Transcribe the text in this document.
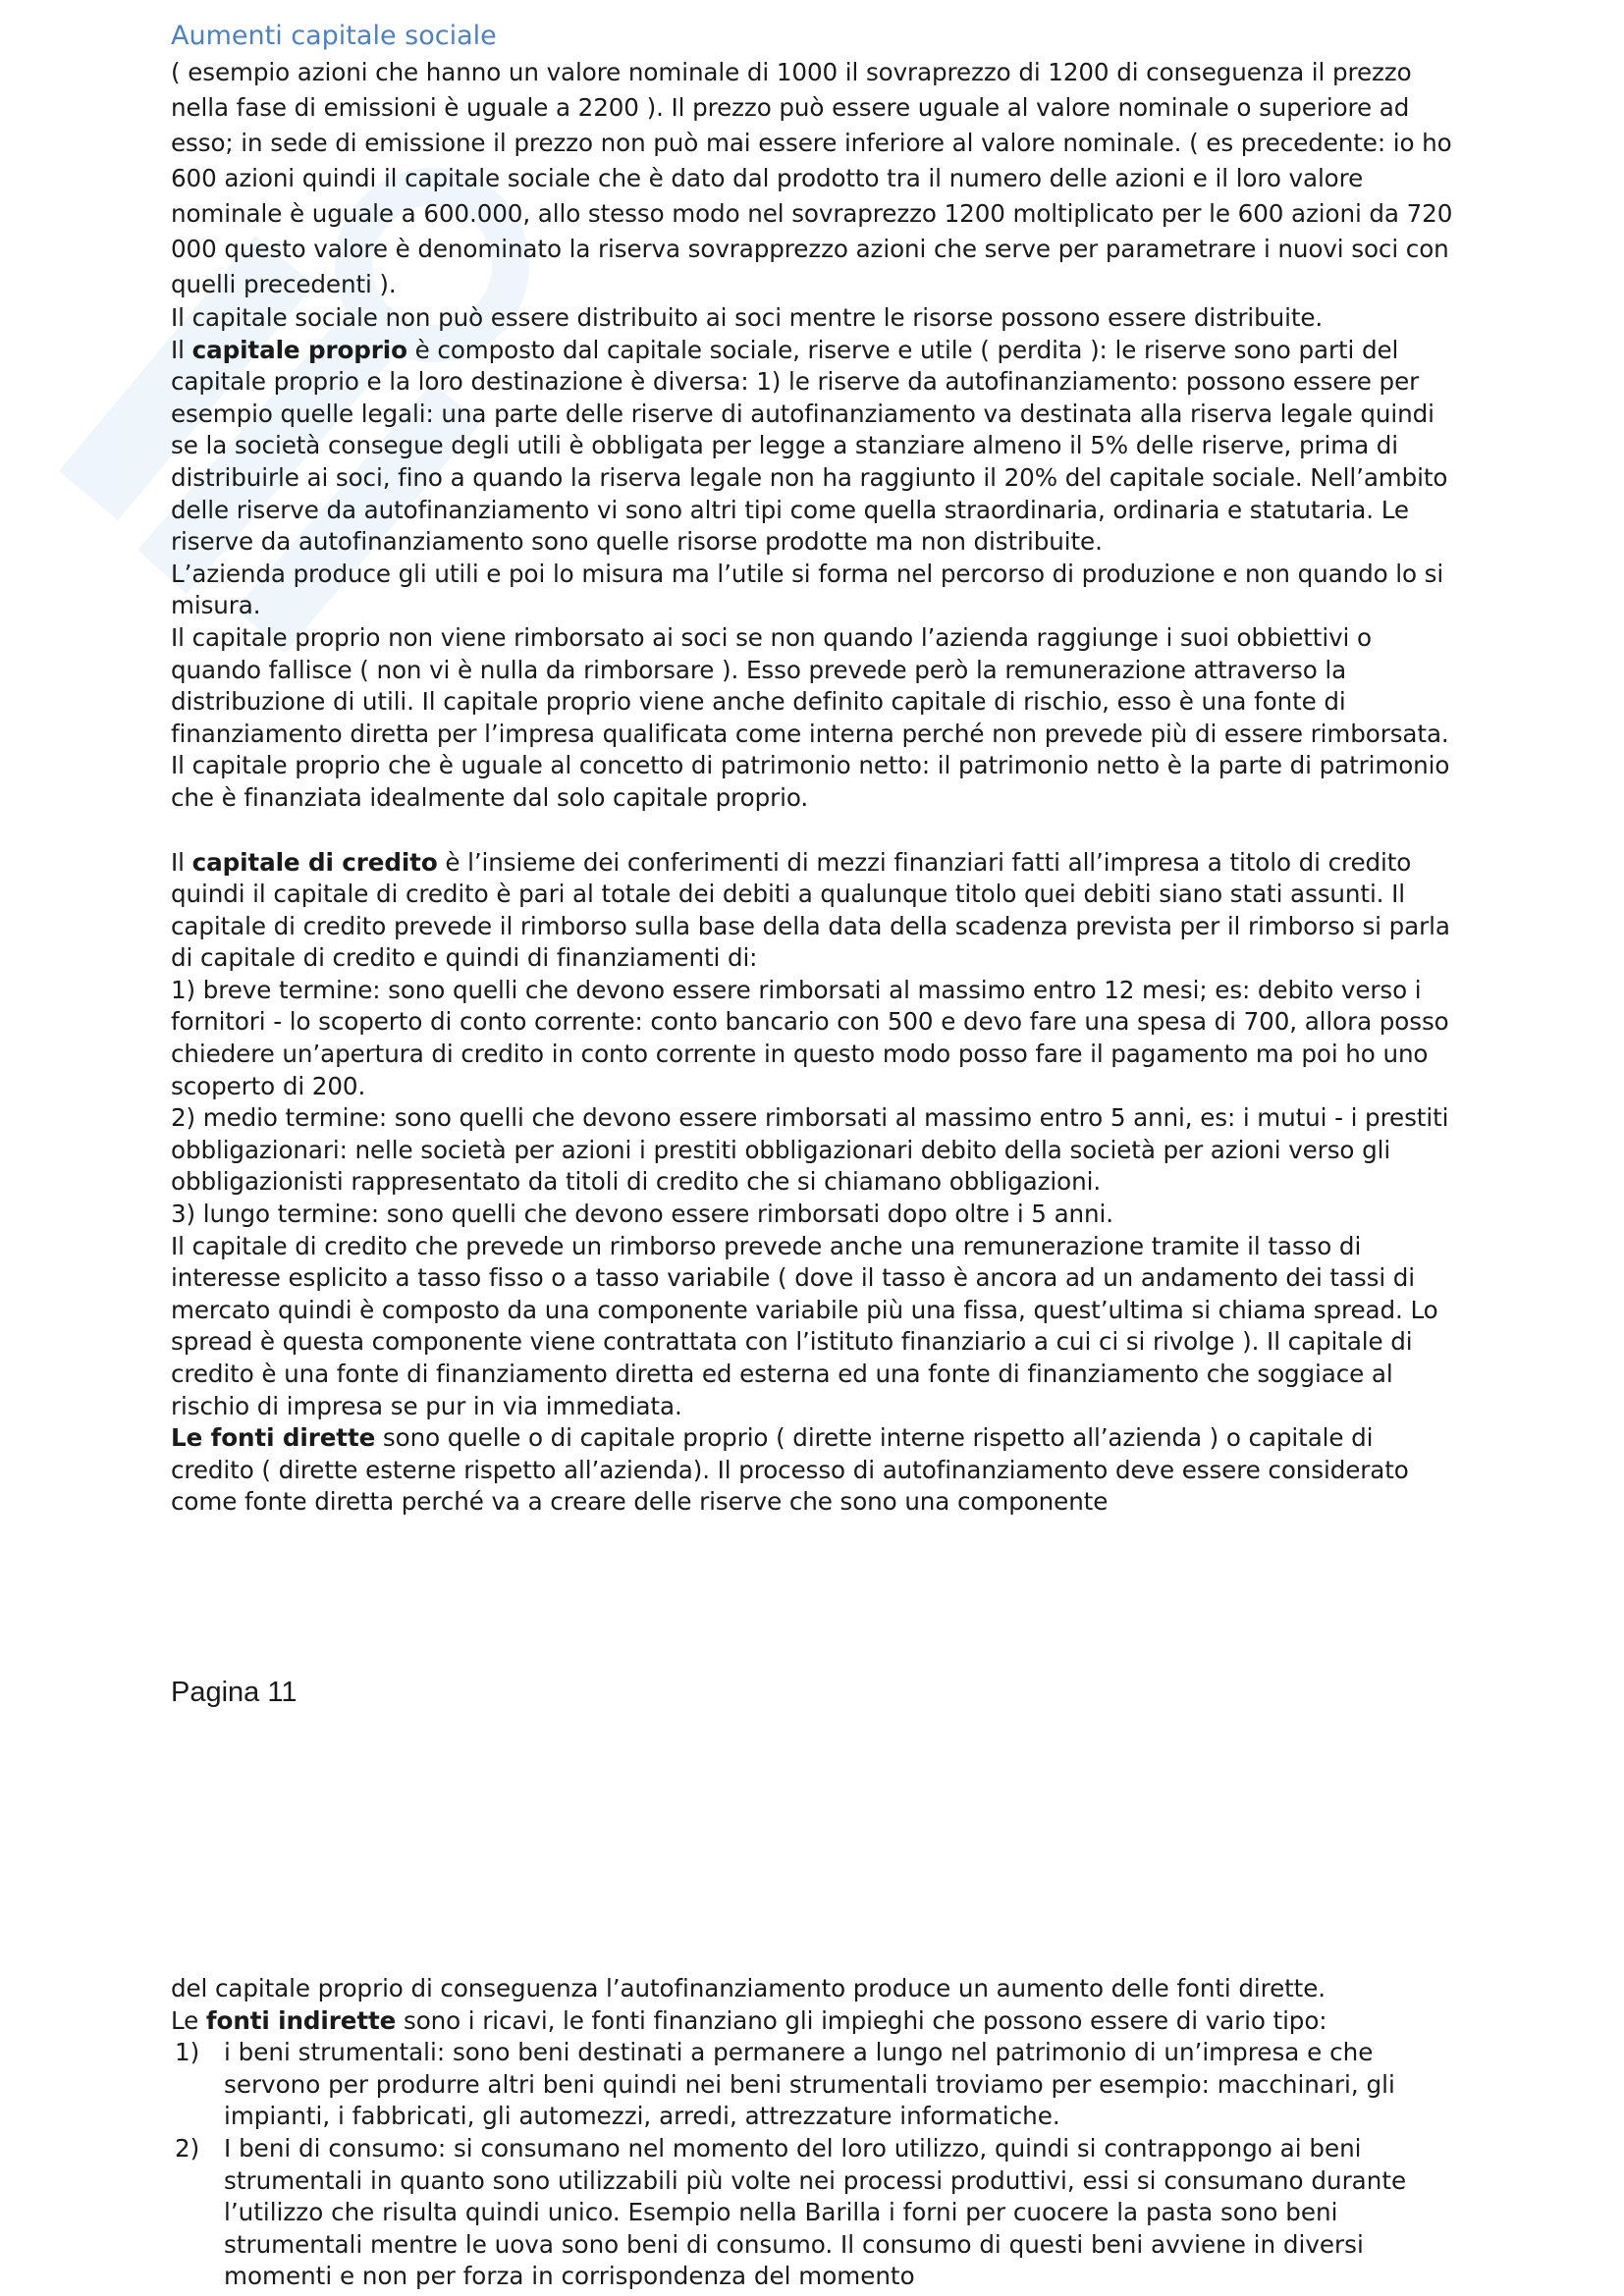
Aumenti capitale sociale

( esempio azioni che hanno un valore nominale di 1000 il sovraprezzo di 1200 di conseguenza il prezzo nella fase di emissioni è uguale a 2200 ). Il prezzo può essere uguale al valore nominale o superiore ad esso; in sede di emissione il prezzo non può mai essere inferiore al valore nominale. ( es precedente: io ho 600 azioni quindi il capitale sociale che è dato dal prodotto tra il numero delle azioni e il loro valore nominale è uguale a 600.000, allo stesso modo nel sovraprezzo 1200 moltiplicato per le 600 azioni da 720 000 questo valore è denominato la riserva sovrapprezzo azioni che serve per parametrare i nuovi soci con quelli precedenti ).

Il capitale sociale non può essere distribuito ai soci mentre le risorse possono essere distribuite.

Il capitale proprio è composto dal capitale sociale, riserve e utile ( perdita ): le riserve sono parti del capitale proprio e la loro destinazione è diversa: 1) le riserve da autofinanziamento: possono essere per esempio quelle legali: una parte delle riserve di autofinanziamento va destinata alla riserva legale quindi se la società consegue degli utili è obbligata per legge a stanziare almeno il 5% delle riserve, prima di distribuirle ai soci, fino a quando la riserva legale non ha raggiunto il 20% del capitale sociale. Nell’ambito delle riserve da autofinanziamento vi sono altri tipi come quella straordinaria, ordinaria e statutaria. Le riserve da autofinanziamento sono quelle risorse prodotte ma non distribuite.

L’azienda produce gli utili e poi lo misura ma l’utile si forma nel percorso di produzione e non quando lo si misura.

Il capitale proprio non viene rimborsato ai soci se non quando l’azienda raggiunge i suoi obbiettivi o quando fallisce ( non vi è nulla da rimborsare ). Esso prevede però la remunerazione attraverso la distribuzione di utili. Il capitale proprio viene anche definito capitale di rischio, esso è una fonte di finanziamento diretta per l’impresa qualificata come interna perché non prevede più di essere rimborsata. Il capitale proprio che è uguale al concetto di patrimonio netto: il patrimonio netto è la parte di patrimonio che è finanziata idealmente dal solo capitale proprio.

Il capitale di credito è l’insieme dei conferimenti di mezzi finanziari fatti all’impresa a titolo di credito quindi il capitale di credito è pari al totale dei debiti a qualunque titolo quei debiti siano stati assunti. Il capitale di credito prevede il rimborso sulla base della data della scadenza prevista per il rimborso si parla di capitale di credito e quindi di finanziamenti di:

1) breve termine: sono quelli che devono essere rimborsati al massimo entro 12 mesi; es: debito verso i fornitori - lo scoperto di conto corrente: conto bancario con 500 e devo fare una spesa di 700, allora posso chiedere un’apertura di credito in conto corrente in questo modo posso fare il pagamento ma poi ho uno scoperto di 200.

2) medio termine: sono quelli che devono essere rimborsati al massimo entro 5 anni, es: i mutui - i prestiti obbligazionari: nelle società per azioni i prestiti obbligazionari debito della società per azioni verso gli obbligazionisti rappresentato da titoli di credito che si chiamano obbligazioni.

3) lungo termine: sono quelli che devono essere rimborsati dopo oltre i 5 anni.

Il capitale di credito che prevede un rimborso prevede anche una remunerazione tramite il tasso di interesse esplicito a tasso fisso o a tasso variabile ( dove il tasso è ancora ad un andamento dei tassi di mercato quindi è composto da una componente variabile più una fissa, quest’ultima si chiama spread. Lo spread è questa componente viene contrattata con l’istituto finanziario a cui ci si rivolge ). Il capitale di credito è una fonte di finanziamento diretta ed esterna ed una fonte di finanziamento che soggiace al rischio di impresa se pur in via immediata.

Le fonti dirette sono quelle o di capitale proprio ( dirette interne rispetto all’azienda ) o capitale di credito ( dirette esterne rispetto all’azienda). Il processo di autofinanziamento deve essere considerato come fonte diretta perché va a creare delle riserve che sono una componente

Pagina 11

del capitale proprio di conseguenza l’autofinanziamento produce un aumento delle fonti dirette.

Le fonti indirette sono i ricavi, le fonti finanziano gli impieghi che possono essere di vario tipo:

1) i beni strumentali: sono beni destinati a permanere a lungo nel patrimonio di un’impresa e che servono per produrre altri beni quindi nei beni strumentali troviamo per esempio: macchinari, gli impianti, i fabbricati, gli automezzi, arredi, attrezzature informatiche.
2) I beni di consumo: si consumano nel momento del loro utilizzo, quindi si contrappongo ai beni strumentali in quanto sono utilizzabili più volte nei processi produttivi, essi si consumano durante l’utilizzo che risulta quindi unico. Esempio nella Barilla i forni per cuocere la pasta sono beni strumentali mentre le uova sono beni di consumo. Il consumo di questi beni avviene in diversi momenti e non per forza in corrispondenza del momento
